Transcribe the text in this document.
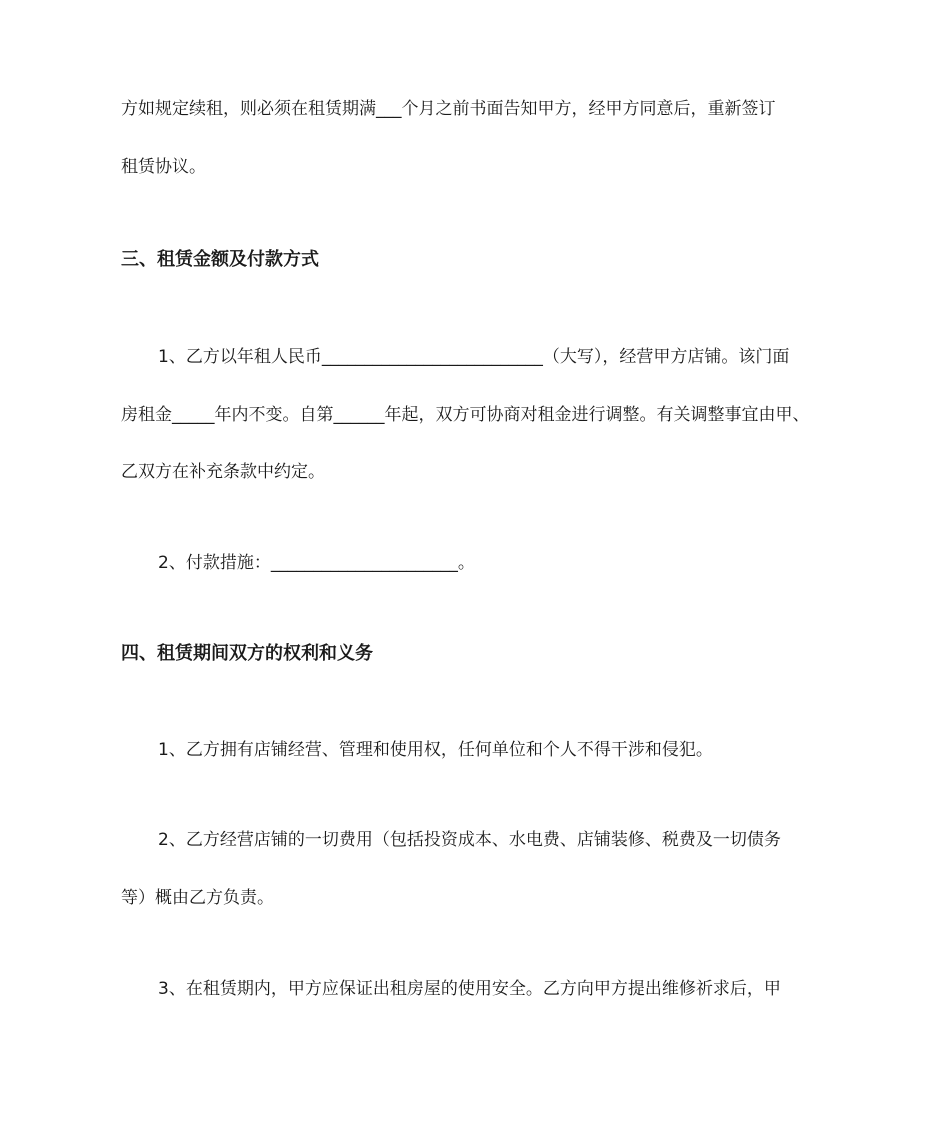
方如规定续租，则必须在租赁期满___个月之前书面告知甲方，经甲方同意后，重新签订
租赁协议。
三、租赁金额及付款方式
1、乙方以年租人民币__________________________（大写），经营甲方店铺。该门面
房租金_____年内不变。自第______年起，双方可协商对租金进行调整。有关调整事宜由甲、
乙双方在补充条款中约定。
2、付款措施：______________________。
四、租赁期间双方的权利和义务
1、乙方拥有店铺经营、管理和使用权，任何单位和个人不得干涉和侵犯。
2、乙方经营店铺的一切费用（包括投资成本、水电费、店铺装修、税费及一切债务
等）概由乙方负责。
3、在租赁期内，甲方应保证出租房屋的使用安全。乙方向甲方提出维修祈求后，甲
